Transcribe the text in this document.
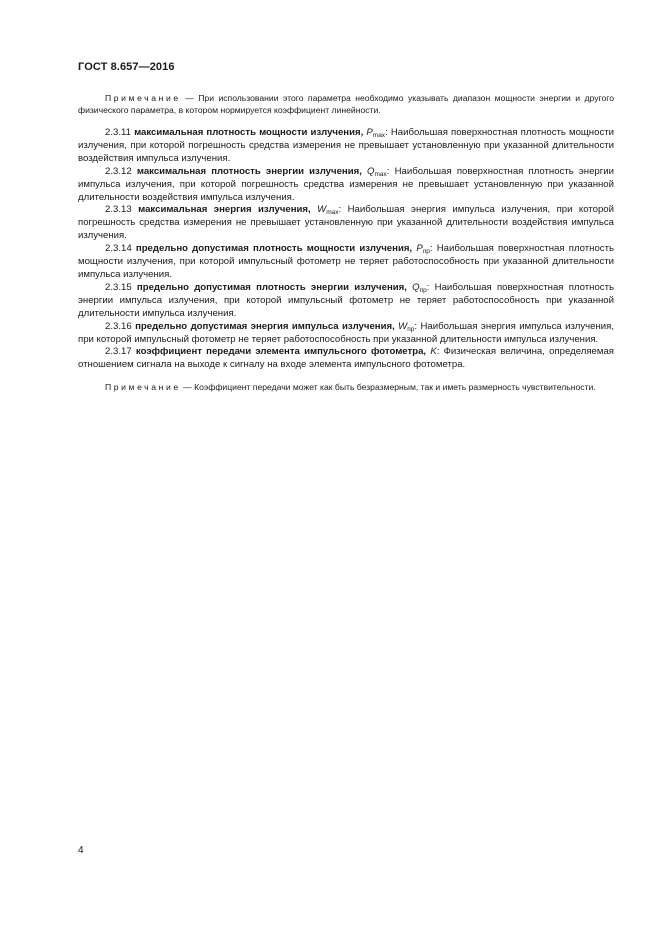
ГОСТ 8.657—2016

Примечание — При использовании этого параметра необходимо указывать диапазон мощности энергии и другого физического параметра, в котором нормируется коэффициент линейности.

2.3.11 максимальная плотность мощности излучения, $P_{max}$: Наибольшая поверхностная плотность мощности излучения, при которой погрешность средства измерения не превышает установленную при указанной длительности воздействия импульса излучения.

2.3.12 максимальная плотность энергии излучения, $Q_{max}$: Наибольшая поверхностная плотность энергии импульса излучения, при которой погрешность средства измерения не превышает установленную при указанной длительности воздействия импульса излучения.

2.3.13 максимальная энергия излучения, $W_{max}$: Наибольшая энергия импульса излучения, при которой погрешность средства измерения не превышает установленную при указанной длительности воздействия импульса излучения.

2.3.14 предельно допустимая плотность мощности излучения, $P_{пр}$: Наибольшая поверхностная плотность мощности излучения, при которой импульсный фотометр не теряет работоспособность при указанной длительности импульса излучения.

2.3.15 предельно допустимая плотность энергии излучения, $Q_{пр}$: Наибольшая поверхностная плотность энергии импульса излучения, при которой импульсный фотометр не теряет работоспособность при указанной длительности импульса излучения.

2.3.16 предельно допустимая энергия импульса излучения, $W_{пр}$: Наибольшая энергия импульса излучения, при которой импульсный фотометр не теряет работоспособность при указанной длительности импульса излучения.

2.3.17 коэффициент передачи элемента импульсного фотометра, K: Физическая величина, определяемая отношением сигнала на выходе к сигналу на входе элемента импульсного фотометра.

Примечание — Коэффициент передачи может как быть безразмерным, так и иметь размерность чувствительности.

4
